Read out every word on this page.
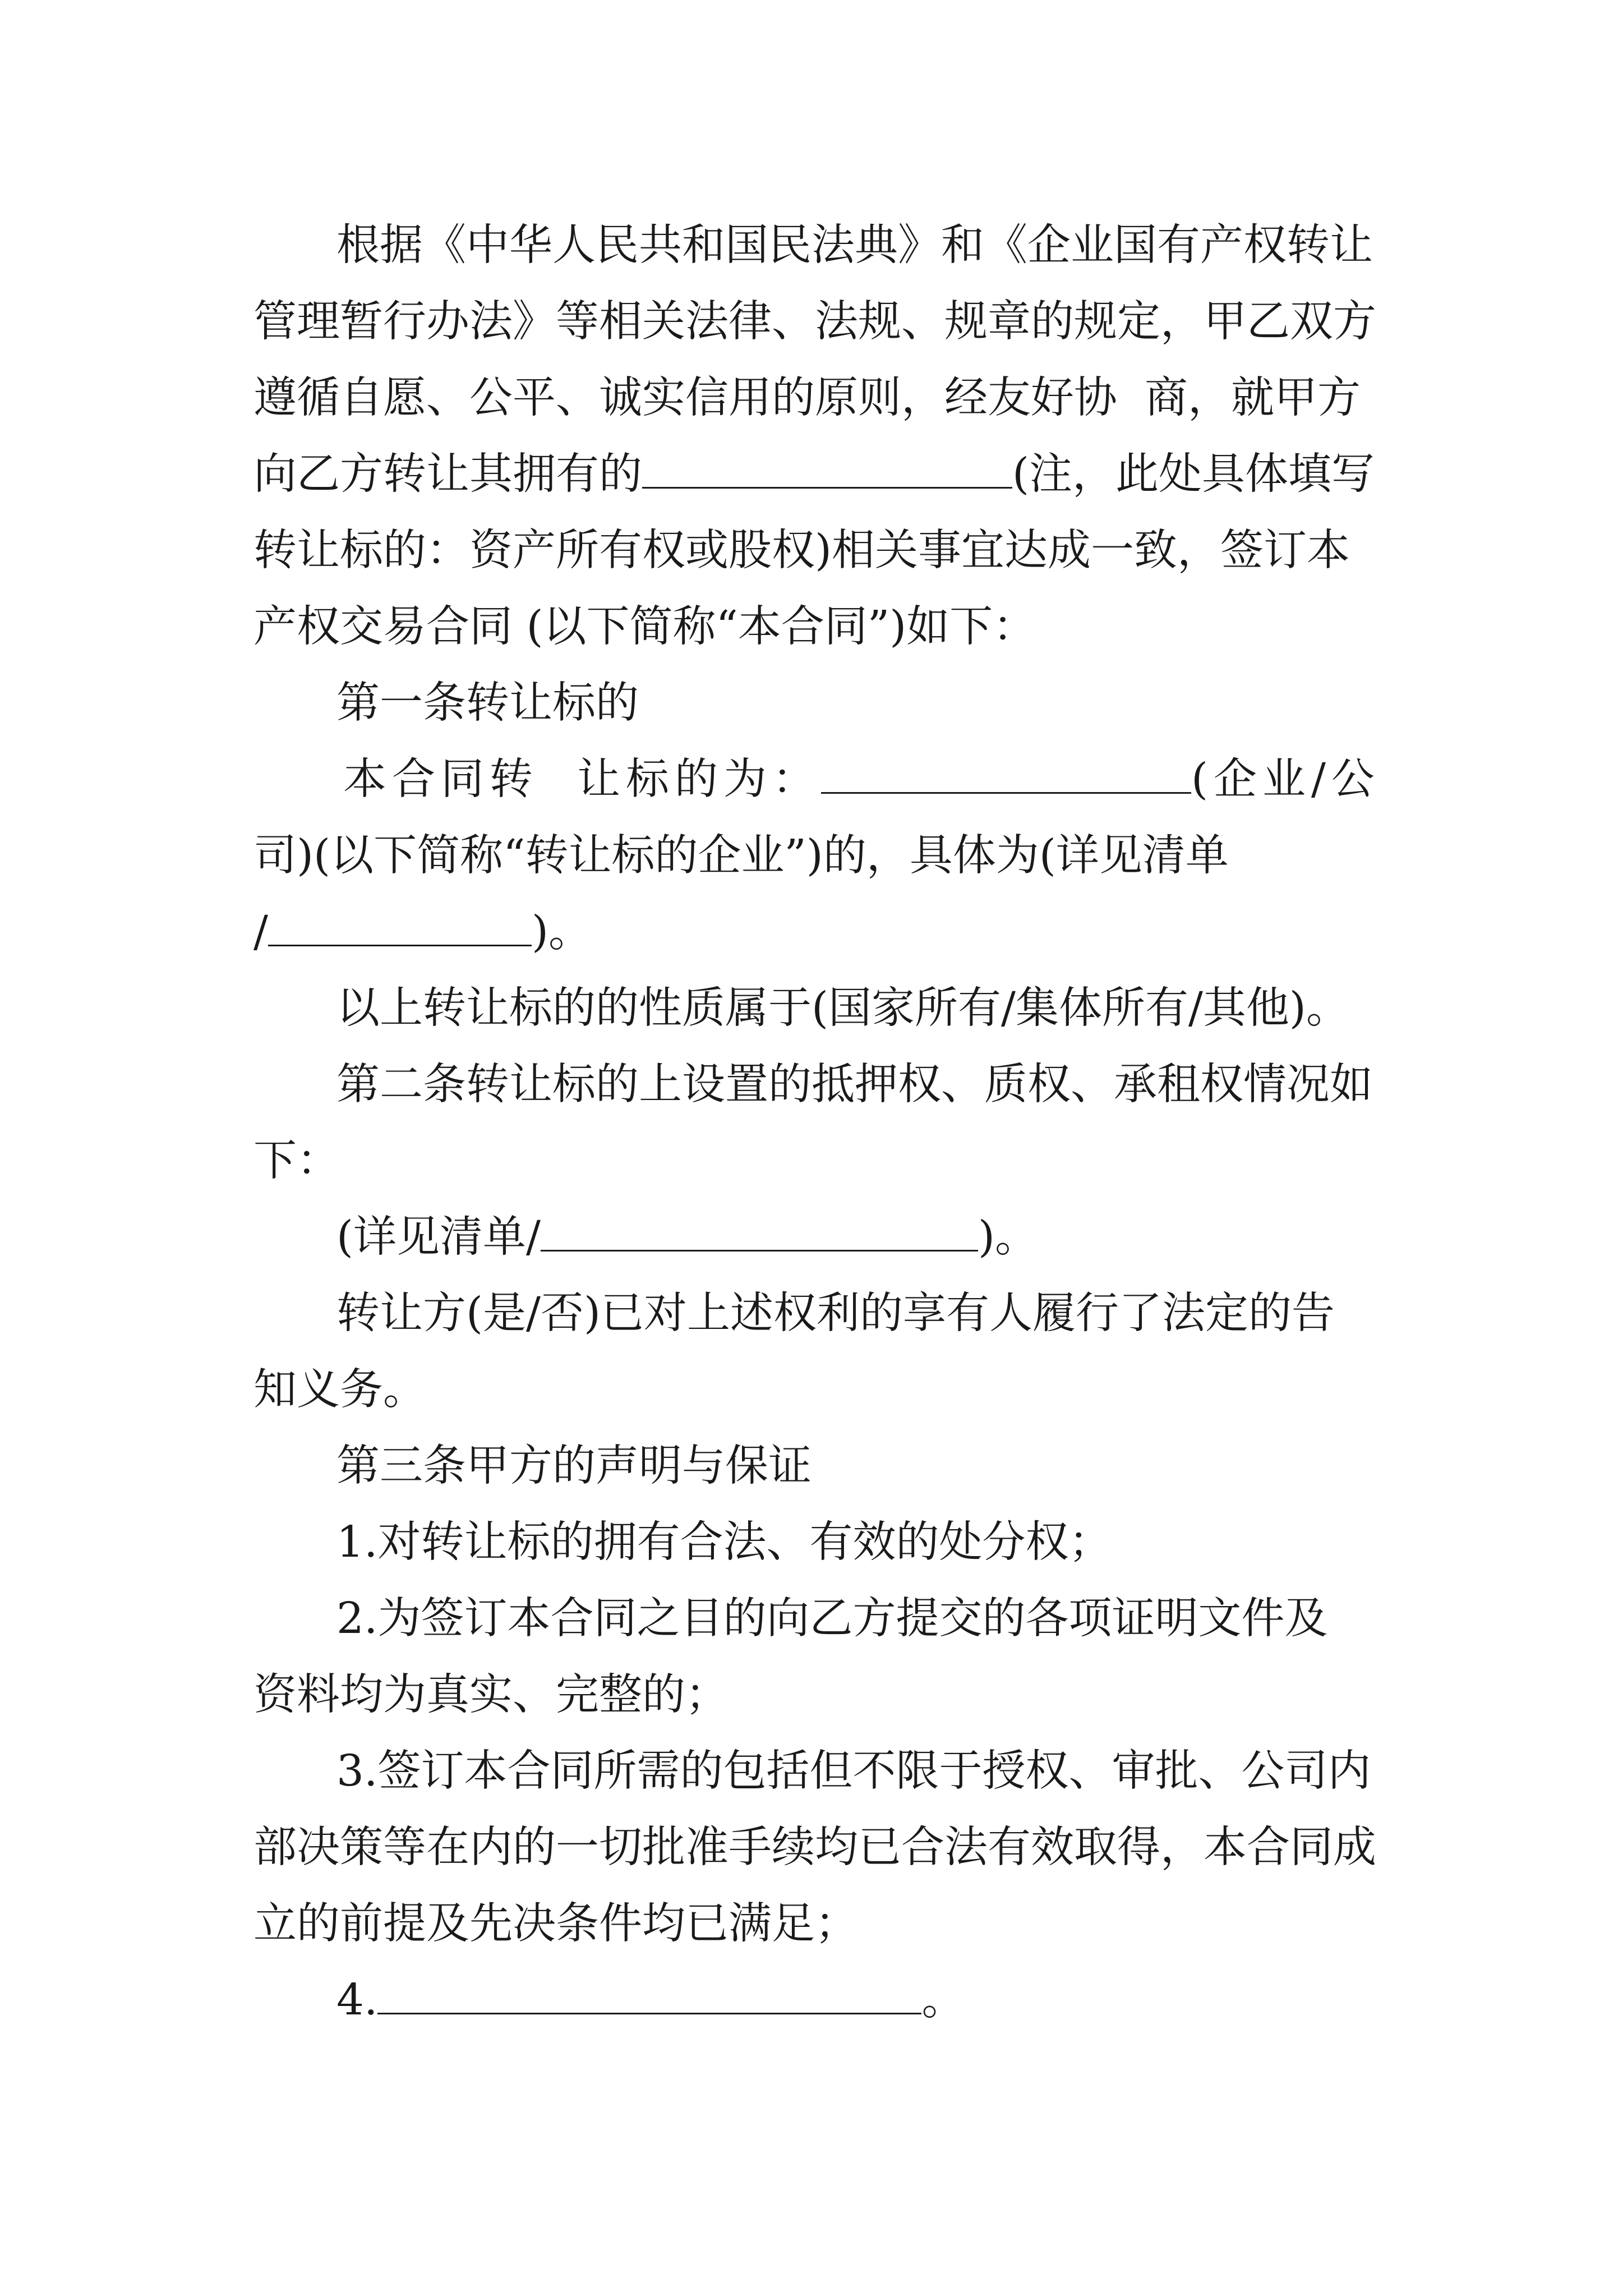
根据《中华人民共和国民法典》和《企业国有产权转让

管理暂行办法》等相关法律、法规、规章的规定，甲乙双方

遵循自愿、公平、诚实信用的原则，经友好协  商，就甲方

向乙方转让其拥有的	(注，此处具体填写

转让标的：资产所有权或股权)相关事宜达成一致，签订本

产权交易合同 (以下简称“本合同”)如下：

第一条转让标的

本合同转  让标的为：	(企业/公

司)(以下简称“转让标的企业”)的，具体为(详见清单

/	)。

以上转让标的的性质属于(国家所有/集体所有/其他)。

第二条转让标的上设置的抵押权、质权、承租权情况如

下：

(详见清单/	)。

转让方(是/否)已对上述权利的享有人履行了法定的告

知义务。

第三条甲方的声明与保证

1.对转让标的拥有合法、有效的处分权；

2.为签订本合同之目的向乙方提交的各项证明文件及

资料均为真实、完整的；

3.签订本合同所需的包括但不限于授权、审批、公司内

部决策等在内的一切批准手续均已合法有效取得，本合同成

立的前提及先决条件均已满足；

4.	。
